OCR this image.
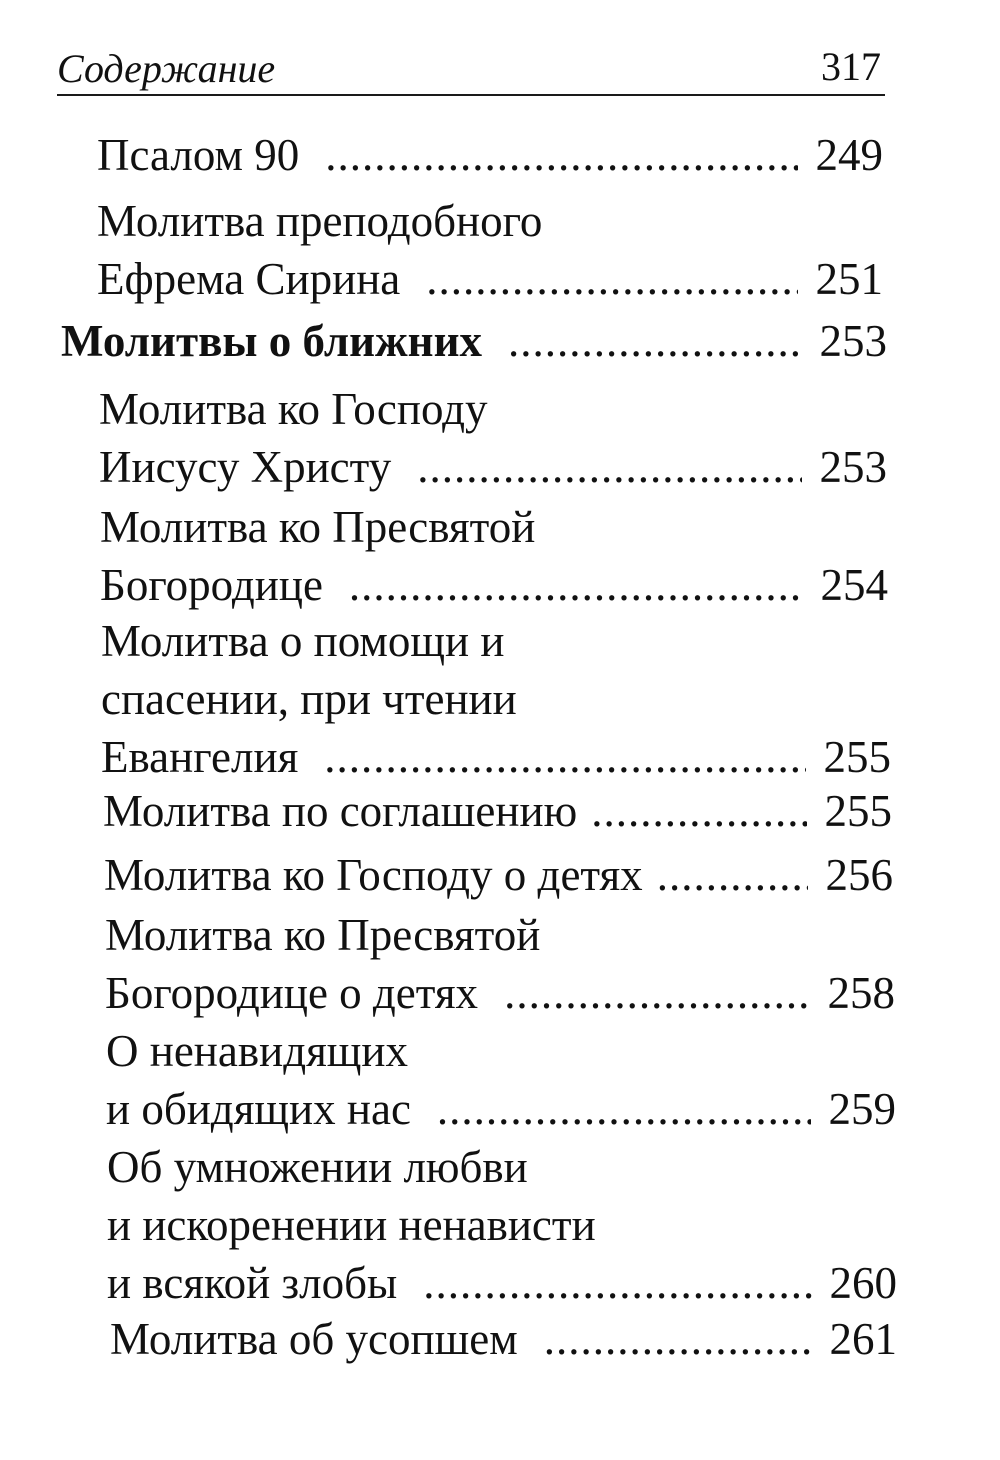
Содержание	317
Псалом 90 .....	249
Молитва преподобного
Ефрема Сирина .....	251
Молитвы о ближних .....	253
Молитва ко Господу
Иисусу Христу .....	253
Молитва ко Пресвятой
Богородице .....	254
Молитва о помощи и
спасении, при чтении
Евангелия .....	255
Молитва по соглашению .....	255
Молитва ко Господу о детях .....	256
Молитва ко Пресвятой
Богородице о детях .....	258
О ненавидящих
и обидящих нас .....	259
Об умножении любви
и искоренении ненависти
и всякой злобы .....	260
Молитва об усопшем .....	261
